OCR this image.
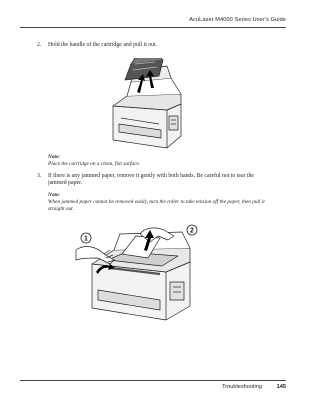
AcuLaser M4000 Series User's Guide
2. Hold the handle of the cartridge and pull it out.
Note:
Place the cartridge on a clean, flat surface.
3. If there is any jammed paper, remove it gently with both hands. Be careful not to tear the
jammed paper.
Note:
When jammed paper cannot be removed easily, turn the roller to take tension off the paper, then pull it
straight out.
1
2
Troubleshooting	145
